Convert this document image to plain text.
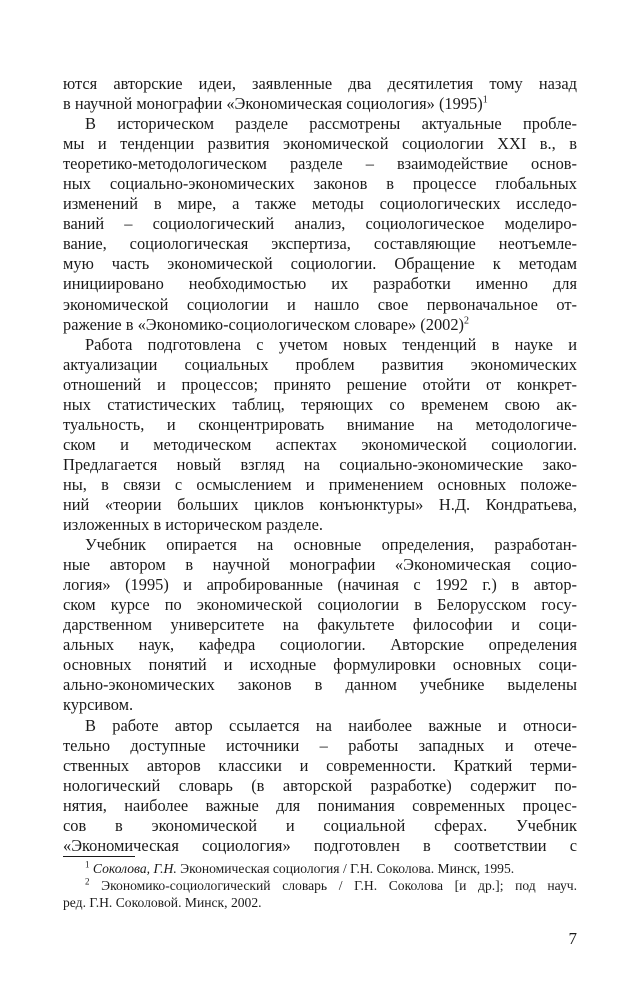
ются авторские идеи, заявленные два десятилетия тому назад
в научной монографии «Экономическая социология» $(1995)^1$
В историческом разделе рассмотрены актуальные пробле-
мы и тенденции развития экономической социологии XXI в., в
теоретико-методологическом разделе – взаимодействие основ-
ных социально-экономических законов в процессе глобальных
изменений в мире, а также методы социологических исследо-
ваний – социологический анализ, социологическое моделиро-
вание, социологическая экспертиза, составляющие неотъемле-
мую часть экономической социологии. Обращение к методам
инициировано необходимостью их разработки именно для
экономической социологии и нашло свое первоначальное от-
ражение в «Экономико-социологическом словаре» $(2002)^2$
Работа подготовлена с учетом новых тенденций в науке и
актуализации социальных проблем развития экономических
отношений и процессов; принято решение отойти от конкрет-
ных статистических таблиц, теряющих со временем свою ак-
туальность, и сконцентрировать внимание на методологиче-
ском и методическом аспектах экономической социологии.
Предлагается новый взгляд на социально-экономические зако-
ны, в связи с осмыслением и применением основных положе-
ний «теории больших циклов конъюнктуры» Н.Д. Кондратьева,
изложенных в историческом разделе.
Учебник опирается на основные определения, разработан-
ные автором в научной монографии «Экономическая социо-
логия» (1995) и апробированные (начиная с 1992 г.) в автор-
ском курсе по экономической социологии в Белорусском госу-
дарственном университете на факультете философии и соци-
альных наук, кафедра социологии. Авторские определения
основных понятий и исходные формулировки основных соци-
ально-экономических законов в данном учебнике выделены
курсивом.
В работе автор ссылается на наиболее важные и относи-
тельно доступные источники – работы западных и отече-
ственных авторов классики и современности. Краткий терми-
нологический словарь (в авторской разработке) содержит по-
нятия, наиболее важные для понимания современных процес-
сов в экономической и социальной сферах. Учебник
«Экономическая социология» подготовлен в соответствии с
$^1$ Соколова, Г.Н. Экономическая социология / Г.Н. Соколова. Минск, 1995.
$^2$ Экономико-социологический словарь / Г.Н. Соколова [и др.]; под науч.
ред. Г.Н. Соколовой. Минск, 2002.
7
